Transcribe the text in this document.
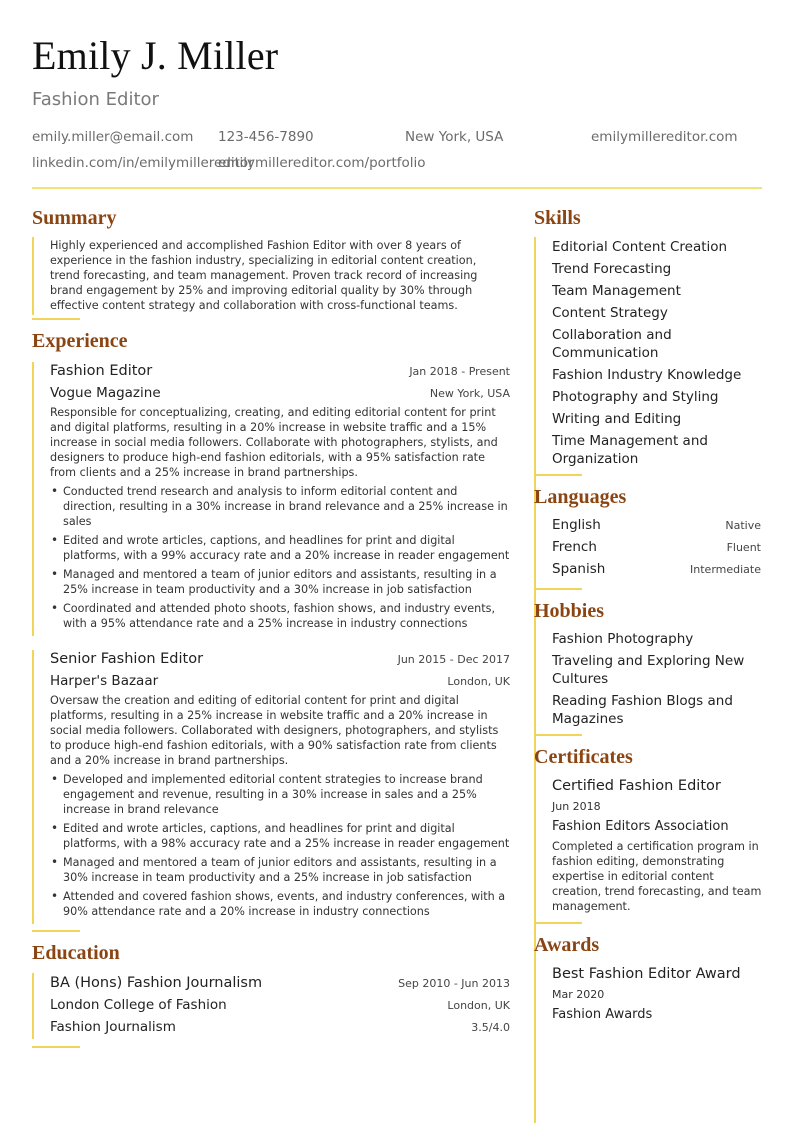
Emily J. Miller
Fashion Editor
emily.miller@email.com 123-456-7890	New York, USA	emilymillereditor.com
linkedin.com/in/emilymillereditor
emilymillereditor.com/portfolio
Summary
Highly experienced and accomplished Fashion Editor with over 8 years of experience in the fashion industry, specializing in editorial content creation, trend forecasting, and team management. Proven track record of increasing brand engagement by 25% and improving editorial quality by 30% through effective content strategy and collaboration with cross-functional teams.
Experience
Fashion Editor	Jan 2018 - Present
Vogue Magazine	New York, USA
Responsible for conceptualizing, creating, and editing editorial content for print and digital platforms, resulting in a 20% increase in website traffic and a 15% increase in social media followers. Collaborate with photographers, stylists, and designers to produce high-end fashion editorials, with a 95% satisfaction rate from clients and a 25% increase in brand partnerships.
• Conducted trend research and analysis to inform editorial content and direction, resulting in a 30% increase in brand relevance and a 25% increase in sales
• Edited and wrote articles, captions, and headlines for print and digital platforms, with a 99% accuracy rate and a 20% increase in reader engagement
• Managed and mentored a team of junior editors and assistants, resulting in a 25% increase in team productivity and a 30% increase in job satisfaction
• Coordinated and attended photo shoots, fashion shows, and industry events, with a 95% attendance rate and a 25% increase in industry connections
Senior Fashion Editor	Jun 2015 - Dec 2017
Harper's Bazaar	London, UK
Oversaw the creation and editing of editorial content for print and digital platforms, resulting in a 25% increase in website traffic and a 20% increase in social media followers. Collaborated with designers, photographers, and stylists to produce high-end fashion editorials, with a 90% satisfaction rate from clients and a 20% increase in brand partnerships.
• Developed and implemented editorial content strategies to increase brand engagement and revenue, resulting in a 30% increase in sales and a 25% increase in brand relevance
• Edited and wrote articles, captions, and headlines for print and digital platforms, with a 98% accuracy rate and a 25% increase in reader engagement
• Managed and mentored a team of junior editors and assistants, resulting in a 30% increase in team productivity and a 25% increase in job satisfaction
• Attended and covered fashion shows, events, and industry conferences, with a 90% attendance rate and a 20% increase in industry connections
Education
BA (Hons) Fashion Journalism	Sep 2010 - Jun 2013
London College of Fashion	London, UK
Fashion Journalism	3.5/4.0
Skills
Editorial Content Creation
Trend Forecasting
Team Management
Content Strategy
Collaboration and Communication
Fashion Industry Knowledge
Photography and Styling
Writing and Editing
Time Management and Organization
Languages
English	Native
French	Fluent
Spanish	Intermediate
Hobbies
Fashion Photography
Traveling and Exploring New Cultures
Reading Fashion Blogs and Magazines
Certificates
Certified Fashion Editor
Jun 2018
Fashion Editors Association
Completed a certification program in fashion editing, demonstrating expertise in editorial content creation, trend forecasting, and team management.
Awards
Best Fashion Editor Award
Mar 2020
Fashion Awards
